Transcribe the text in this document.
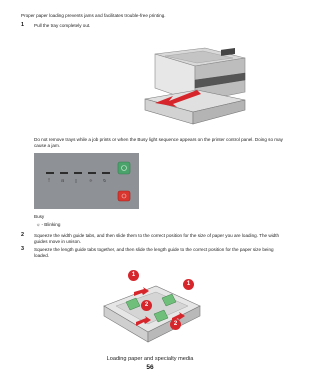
Proper paper loading prevents jams and facilitates trouble-free printing.
1 Pull the tray completely out.
Do not remove trays while a job prints or when the Busy light sequence appears on the printer control panel. Doing so may cause a jam.
!	⊟	▯	☼	↻
Busy
☼ - Blinking
2 Squeeze the width guide tabs, and then slide them to the correct position for the size of paper you are loading. The width guides move in unison.
3 Squeeze the length guide tabs together, and then slide the length guide to the correct position for the paper size being loaded.
1
2
1
2
Loading paper and specialty media
56
